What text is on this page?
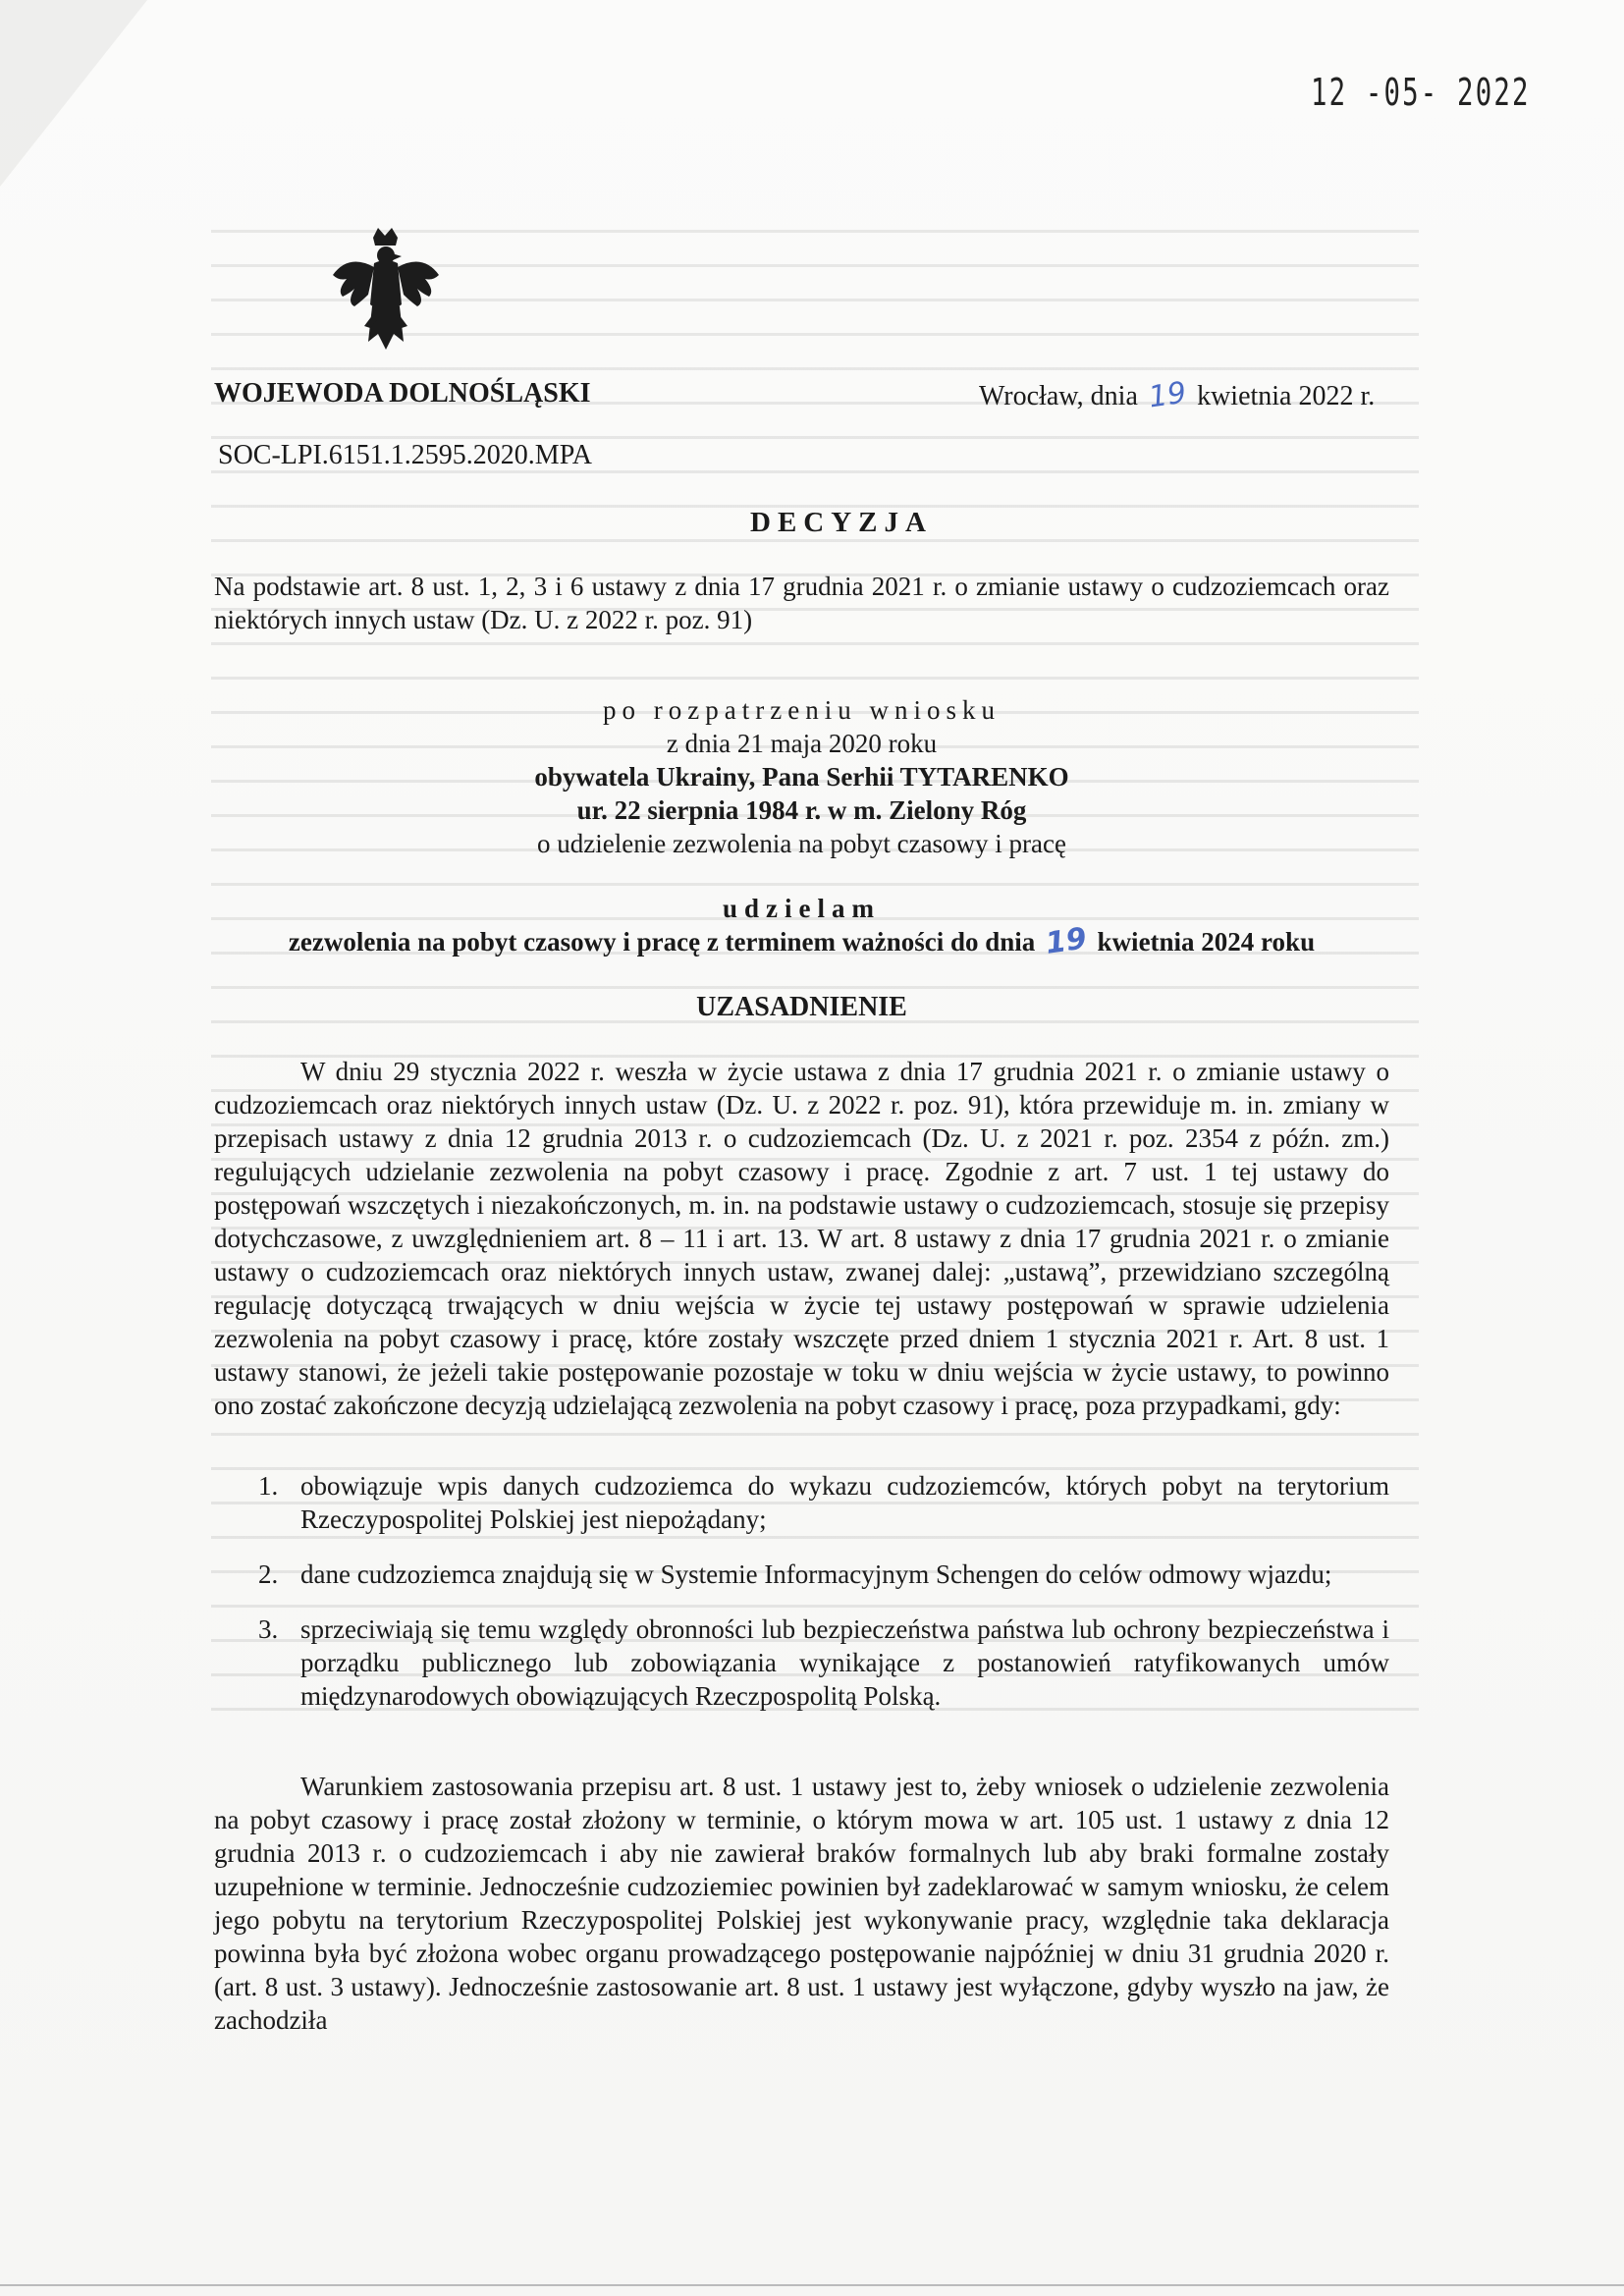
12 -05- 2022
WOJEWODA DOLNOŚLĄSKI	Wrocław, dnia 19 kwietnia 2022 r.
SOC-LPI.6151.1.2595.2020.MPA
DECYZJA
Na podstawie art. 8 ust. 1, 2, 3 i 6 ustawy z dnia 17 grudnia 2021 r. o zmianie ustawy o cudzoziemcach oraz niektórych innych ustaw (Dz. U. z 2022 r. poz. 91)
po rozpatrzeniu wniosku
z dnia 21 maja 2020 roku
obywatela Ukrainy, Pana Serhii TYTARENKO
ur. 22 sierpnia 1984 r. w m. Zielony Róg
o udzielenie zezwolenia na pobyt czasowy i pracę
udzielam
zezwolenia na pobyt czasowy i pracę z terminem ważności do dnia 19 kwietnia 2024 roku
UZASADNIENIE

W dniu 29 stycznia 2022 r. weszła w życie ustawa z dnia 17 grudnia 2021 r. o zmianie ustawy o cudzoziemcach oraz niektórych innych ustaw (Dz. U. z 2022 r. poz. 91), która przewiduje m. in. zmiany w przepisach ustawy z dnia 12 grudnia 2013 r. o cudzoziemcach (Dz. U. z 2021 r. poz. 2354 z późn. zm.) regulujących udzielanie zezwolenia na pobyt czasowy i pracę. Zgodnie z art. 7 ust. 1 tej ustawy do postępowań wszczętych i niezakończonych, m. in. na podstawie ustawy o cudzoziemcach, stosuje się przepisy dotychczasowe, z uwzględnieniem art. 8 – 11 i art. 13. W art. 8 ustawy z dnia 17 grudnia 2021 r. o zmianie ustawy o cudzoziemcach oraz niektórych innych ustaw, zwanej dalej: „ustawą”, przewidziano szczególną regulację dotyczącą trwających w dniu wejścia w życie tej ustawy postępowań w sprawie udzielenia zezwolenia na pobyt czasowy i pracę, które zostały wszczęte przed dniem 1 stycznia 2021 r. Art. 8 ust. 1 ustawy stanowi, że jeżeli takie postępowanie pozostaje w toku w dniu wejścia w życie ustawy, to powinno ono zostać zakończone decyzją udzielającą zezwolenia na pobyt czasowy i pracę, poza przypadkami, gdy:

1. obowiązuje wpis danych cudzoziemca do wykazu cudzoziemców, których pobyt na terytorium Rzeczypospolitej Polskiej jest niepożądany;
2. dane cudzoziemca znajdują się w Systemie Informacyjnym Schengen do celów odmowy wjazdu;
3. sprzeciwiają się temu względy obronności lub bezpieczeństwa państwa lub ochrony bezpieczeństwa i porządku publicznego lub zobowiązania wynikające z postanowień ratyfikowanych umów międzynarodowych obowiązujących Rzeczpospolitą Polską.

Warunkiem zastosowania przepisu art. 8 ust. 1 ustawy jest to, żeby wniosek o udzielenie zezwolenia na pobyt czasowy i pracę został złożony w terminie, o którym mowa w art. 105 ust. 1 ustawy z dnia 12 grudnia 2013 r. o cudzoziemcach i aby nie zawierał braków formalnych lub aby braki formalne zostały uzupełnione w terminie. Jednocześnie cudzoziemiec powinien był zadeklarować w samym wniosku, że celem jego pobytu na terytorium Rzeczypospolitej Polskiej jest wykonywanie pracy, względnie taka deklaracja powinna była być złożona wobec organu prowadzącego postępowanie najpóźniej w dniu 31 grudnia 2020 r. (art. 8 ust. 3 ustawy). Jednocześnie zastosowanie art. 8 ust. 1 ustawy jest wyłączone, gdyby wyszło na jaw, że zachodziła
